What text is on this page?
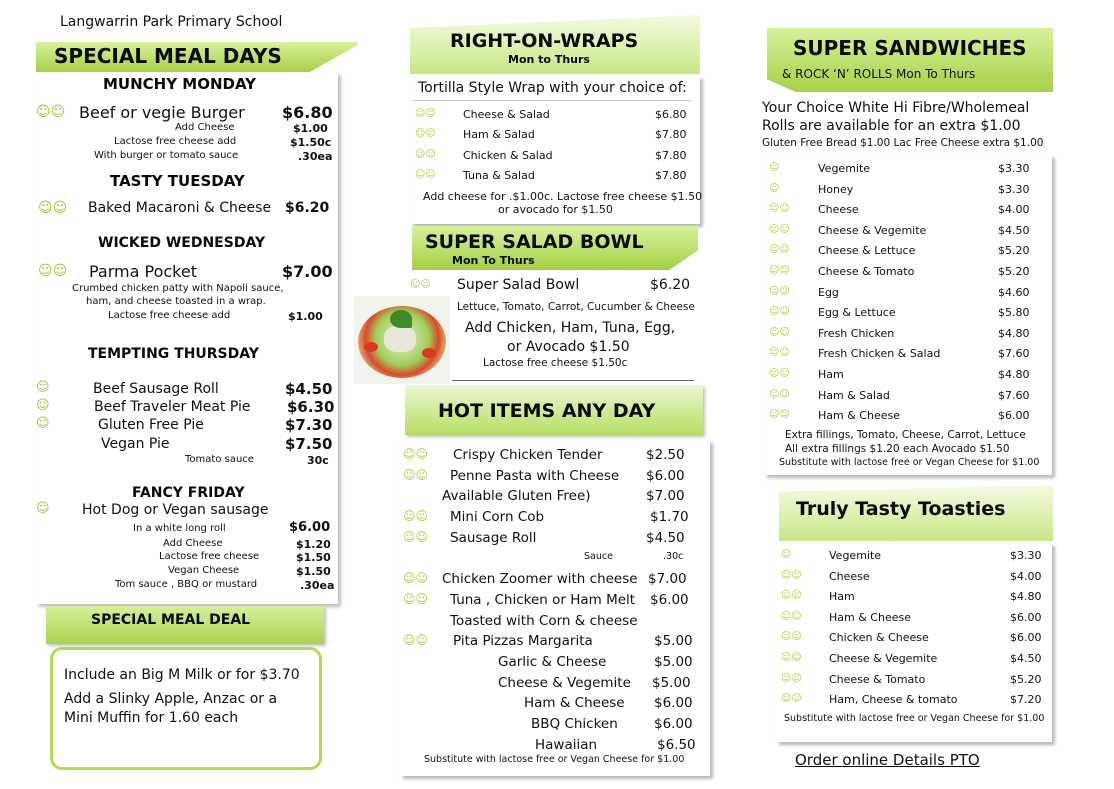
Langwarrin Park Primary School
SPECIAL MEAL DAYS
MUNCHY MONDAY
☺☺ Beef or vegie Burger $6.80
Add Cheese	$1.00
Lactose free cheese add	$1.50c
With burger or tomato sauce	.30ea
TASTY TUESDAY
☺☺ Baked Macaroni & Cheese $6.20
WICKED WEDNESDAY
☺☺ Parma Pocket	$7.00
Crumbed chicken patty with Napoli sauce,
ham, and cheese toasted in a wrap.
Lactose free cheese add	$1.00
TEMPTING THURSDAY
☺	Beef Sausage Roll	$4.50
☺	Beef Traveler Meat Pie $6.30
☺	Gluten Free Pie	$7.30
Vegan Pie	$7.50
Tomato sauce	30c
FANCY FRIDAY
☺ Hot Dog or Vegan sausage
In a white long roll	$6.00
Add Cheese	$1.20
Lactose free cheese	$1.50
Vegan Cheese	$1.50
Tom sauce , BBQ or mustard	.30ea
SPECIAL MEAL DEAL
Include an Big M Milk or for $3.70
Add a Slinky Apple, Anzac or a
Mini Muffin for 1.60 each
RIGHT-ON-WRAPS
Mon to Thurs
Tortilla Style Wrap with your choice of:
☺☺ Cheese & Salad	$6.80
☺☺ Ham & Salad	$7.80
☺☺ Chicken & Salad	$7.80
☺☺ Tuna & Salad	$7.80
Add cheese for .$1.00c. Lactose free cheese $1.50
or avocado for $1.50
SUPER SALAD BOWL
Mon To Thurs
☺☺ Super Salad Bowl	$6.20
Lettuce, Tomato, Carrot, Cucumber & Cheese
Add Chicken, Ham, Tuna, Egg,
or Avocado $1.50
Lactose free cheese $1.50c
HOT ITEMS ANY DAY
☺☺ Crispy Chicken Tender	$2.50
☺☺ Penne Pasta with Cheese $6.00
Available Gluten Free)	$7.00
☺☺ Mini Corn Cob	$1.70
☺☺ Sausage Roll	$4.50
Sauce	.30c
☺☺ Chicken Zoomer with cheese $7.00
☺☺ Tuna , Chicken or Ham Melt $6.00
Toasted with Corn & cheese
☺☺ Pita Pizzas Margarita	$5.00
Garlic & Cheese	$5.00
Cheese & Vegemite $5.00
Ham & Cheese $6.00
BBQ Chicken	$6.00
Hawaiian	$6.50
Substitute with lactose free or Vegan Cheese for $1.00
SUPER SANDWICHES
& ROCK ‘N’ ROLLS Mon To Thurs
Your Choice White Hi Fibre/Wholemeal
Rolls are available for an extra $1.00
Gluten Free Bread $1.00 Lac Free Cheese extra $1.00
☺	Vegemite	$3.30
☺	Honey	$3.30
☺☺	Cheese	$4.00
☺☺	Cheese & Vegemite	$4.50
☺☺	Cheese & Lettuce	$5.20
☺☺	Cheese & Tomato	$5.20
☺☺	Egg	$4.60
☺☺	Egg & Lettuce	$5.80
☺☺	Fresh Chicken	$4.80
☺☺	Fresh Chicken & Salad	$7.60
☺☺	Ham	$4.80
☺☺	Ham & Salad	$7.60
☺☺	Ham & Cheese	$6.00
Extra fillings, Tomato, Cheese, Carrot, Lettuce
All extra fillings $1.20 each Avocado $1.50
Substitute with lactose free or Vegan Cheese for $1.00
Truly Tasty Toasties
☺	Vegemite	$3.30
☺☺ Cheese	$4.00
☺☺ Ham	$4.80
☺☺ Ham & Cheese	$6.00
☺☺ Chicken & Cheese	$6.00
☺☺ Cheese & Vegemite	$4.50
☺☺ Cheese & Tomato	$5.20
☺☺ Ham, Cheese & tomato	$7.20
Substitute with lactose free or Vegan Cheese for $1.00
Order online Details PTO
